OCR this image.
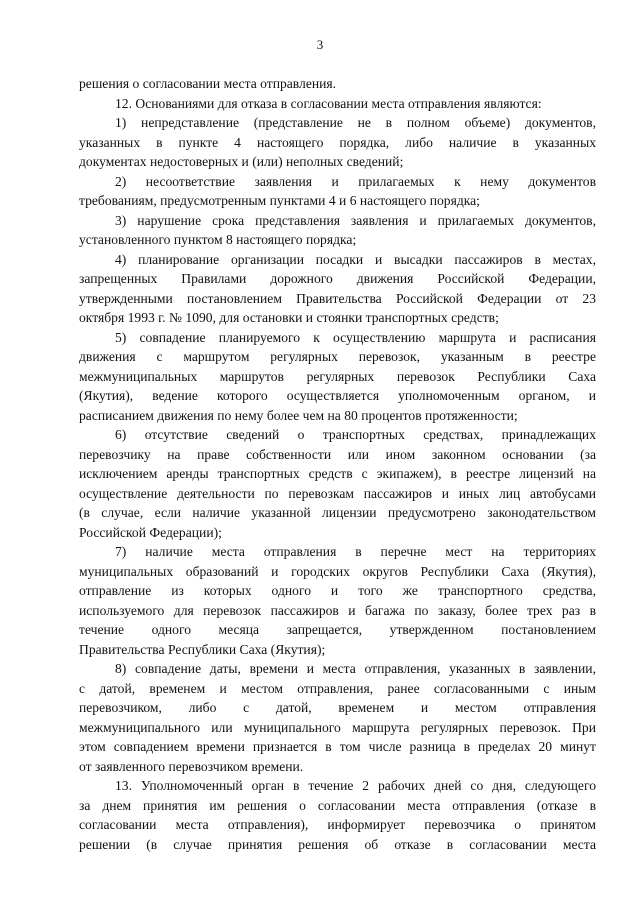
3
решения о согласовании места отправления.
12. Основаниями для отказа в согласовании места отправления являются:
1) непредставление (представление не в полном объеме) документов,
указанных в пункте 4 настоящего порядка, либо наличие в указанных
документах недостоверных и (или) неполных сведений;
2) несоответствие заявления и прилагаемых к нему документов
требованиям, предусмотренным пунктами 4 и 6 настоящего порядка;
3) нарушение срока представления заявления и прилагаемых документов,
установленного пунктом 8 настоящего порядка;
4) планирование организации посадки и высадки пассажиров в местах,
запрещенных Правилами дорожного движения Российской Федерации,
утвержденными постановлением Правительства Российской Федерации от 23
октября 1993 г. № 1090, для остановки и стоянки транспортных средств;
5) совпадение планируемого к осуществлению маршрута и расписания
движения с маршрутом регулярных перевозок, указанным в реестре
межмуниципальных маршрутов регулярных перевозок Республики Саха
(Якутия), ведение которого осуществляется уполномоченным органом, и
расписанием движения по нему более чем на 80 процентов протяженности;
6) отсутствие сведений о транспортных средствах, принадлежащих
перевозчику на праве собственности или ином законном основании (за
исключением аренды транспортных средств с экипажем), в реестре лицензий на
осуществление деятельности по перевозкам пассажиров и иных лиц автобусами
(в случае, если наличие указанной лицензии предусмотрено законодательством
Российской Федерации);
7) наличие места отправления в перечне мест на территориях
муниципальных образований и городских округов Республики Саха (Якутия),
отправление из которых одного и того же транспортного средства,
используемого для перевозок пассажиров и багажа по заказу, более трех раз в
течение одного месяца запрещается, утвержденном постановлением
Правительства Республики Саха (Якутия);
8) совпадение даты, времени и места отправления, указанных в заявлении,
с датой, временем и местом отправления, ранее согласованными с иным
перевозчиком, либо с датой, временем и местом отправления
межмуниципального или муниципального маршрута регулярных перевозок. При
этом совпадением времени признается в том числе разница в пределах 20 минут
от заявленного перевозчиком времени.
13. Уполномоченный орган в течение 2 рабочих дней со дня, следующего
за днем принятия им решения о согласовании места отправления (отказе в
согласовании места отправления), информирует перевозчика о принятом
решении (в случае принятия решения об отказе в согласовании места
